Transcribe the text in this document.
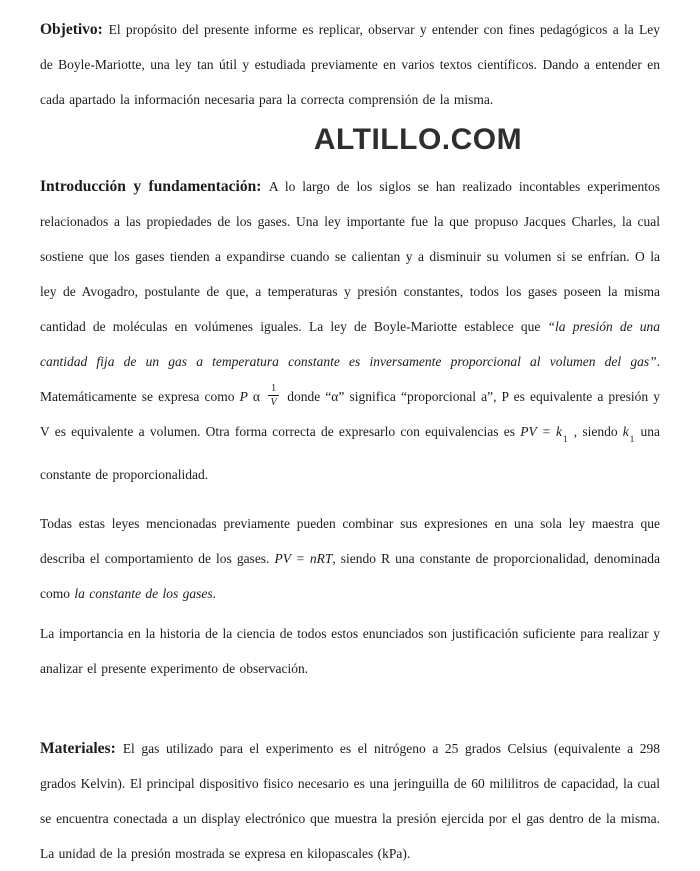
Objetivo: El propósito del presente informe es replicar, observar y entender con fines pedagógicos a la Ley de Boyle-Mariotte, una ley tan útil y estudiada previamente en varios textos científicos. Dando a entender en cada apartado la información necesaria para la correcta comprensión de la misma.

ALTILLO.COM

Introducción y fundamentación: A lo largo de los siglos se han realizado incontables experimentos relacionados a las propiedades de los gases. Una ley importante fue la que propuso Jacques Charles, la cual sostiene que los gases tienden a expandirse cuando se calientan y a disminuir su volumen si se enfrían. O la ley de Avogadro, postulante de que, a temperaturas y presión constantes, todos los gases poseen la misma cantidad de moléculas en volúmenes iguales. La ley de Boyle-Mariotte establece que “la presión de una cantidad fija de un gas a temperatura constante es inversamente proporcional al volumen del gas”. Matemáticamente se expresa como P α $\frac{1}{V}$ donde “α” significa “proporcional a”, P es equivalente a presión y V es equivalente a volumen. Otra forma correcta de expresarlo con equivalencias es PV = $k_1$ , siendo $k_1$ una constante de proporcionalidad.

Todas estas leyes mencionadas previamente pueden combinar sus expresiones en una sola ley maestra que describa el comportamiento de los gases. PV = nRT, siendo R una constante de proporcionalidad, denominada como la constante de los gases.

La importancia en la historia de la ciencia de todos estos enunciados son justificación suficiente para realizar y analizar el presente experimento de observación.

Materiales: El gas utilizado para el experimento es el nitrógeno a 25 grados Celsius (equivalente a 298 grados Kelvin). El principal dispositivo fisico necesario es una jeringuilla de 60 mililitros de capacidad, la cual se encuentra conectada a un display electrónico que muestra la presión ejercida por el gas dentro de la misma. La unidad de la presión mostrada se expresa en kilopascales (kPa).
